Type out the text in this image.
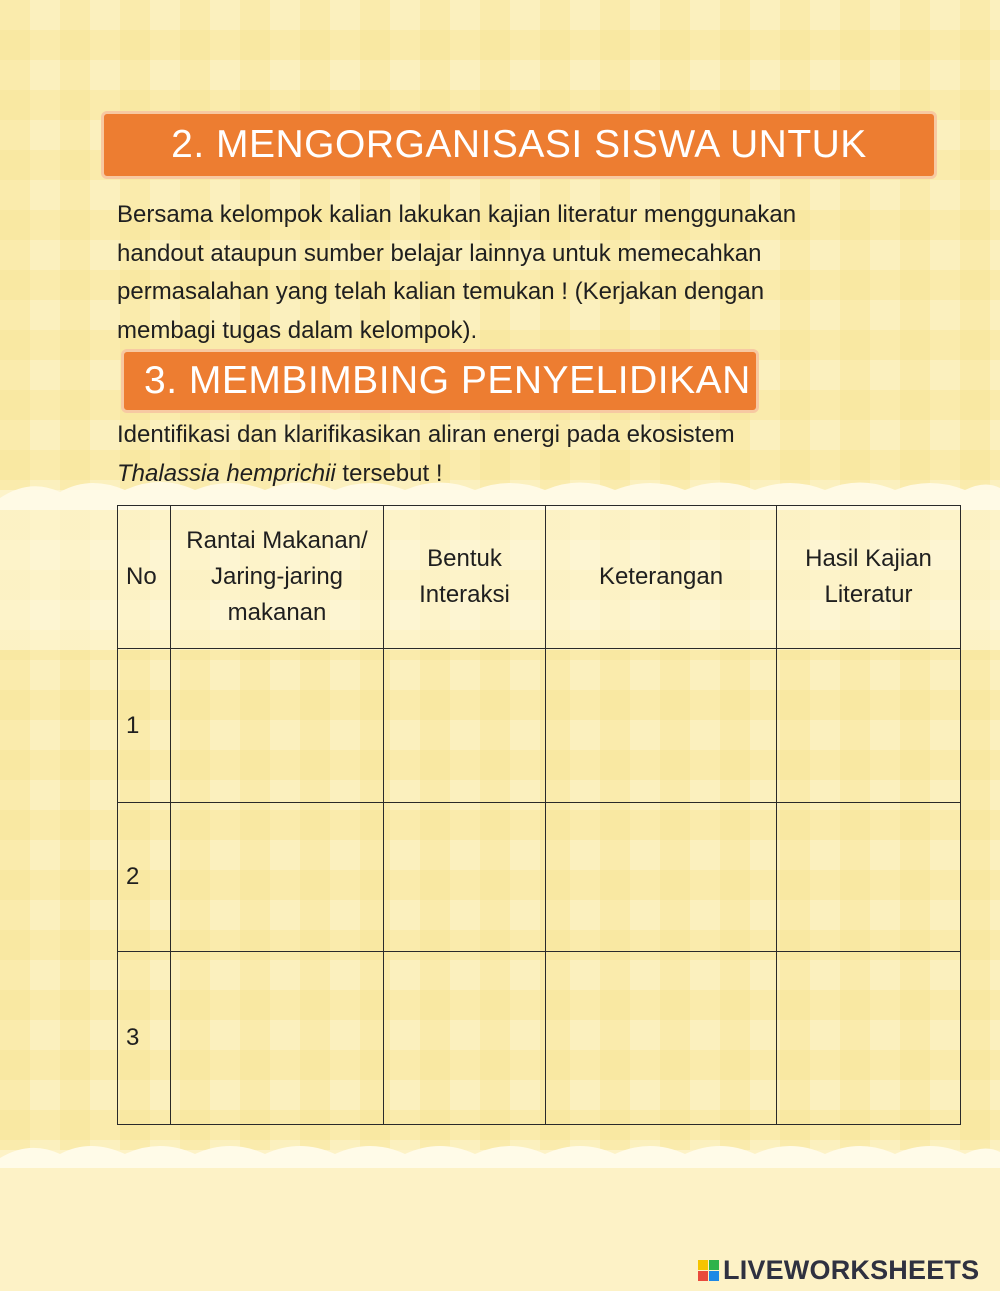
2. MENGORGANISASI SISWA UNTUK
Bersama kelompok kalian lakukan kajian literatur menggunakan
handout ataupun sumber belajar lainnya untuk memecahkan
permasalahan yang telah kalian temukan ! (Kerjakan dengan
membagi tugas dalam kelompok).
3. MEMBIMBING PENYELIDIKAN
Identifikasi dan klarifikasikan aliran energi pada ekosistem
Thalassia hemprichii tersebut !
No	Rantai Makanan/ Jaring-jaring makanan	Bentuk Interaksi	Keterangan	Hasil Kajian Literatur
1				
2				
3				
LIVEWORKSHEETS
